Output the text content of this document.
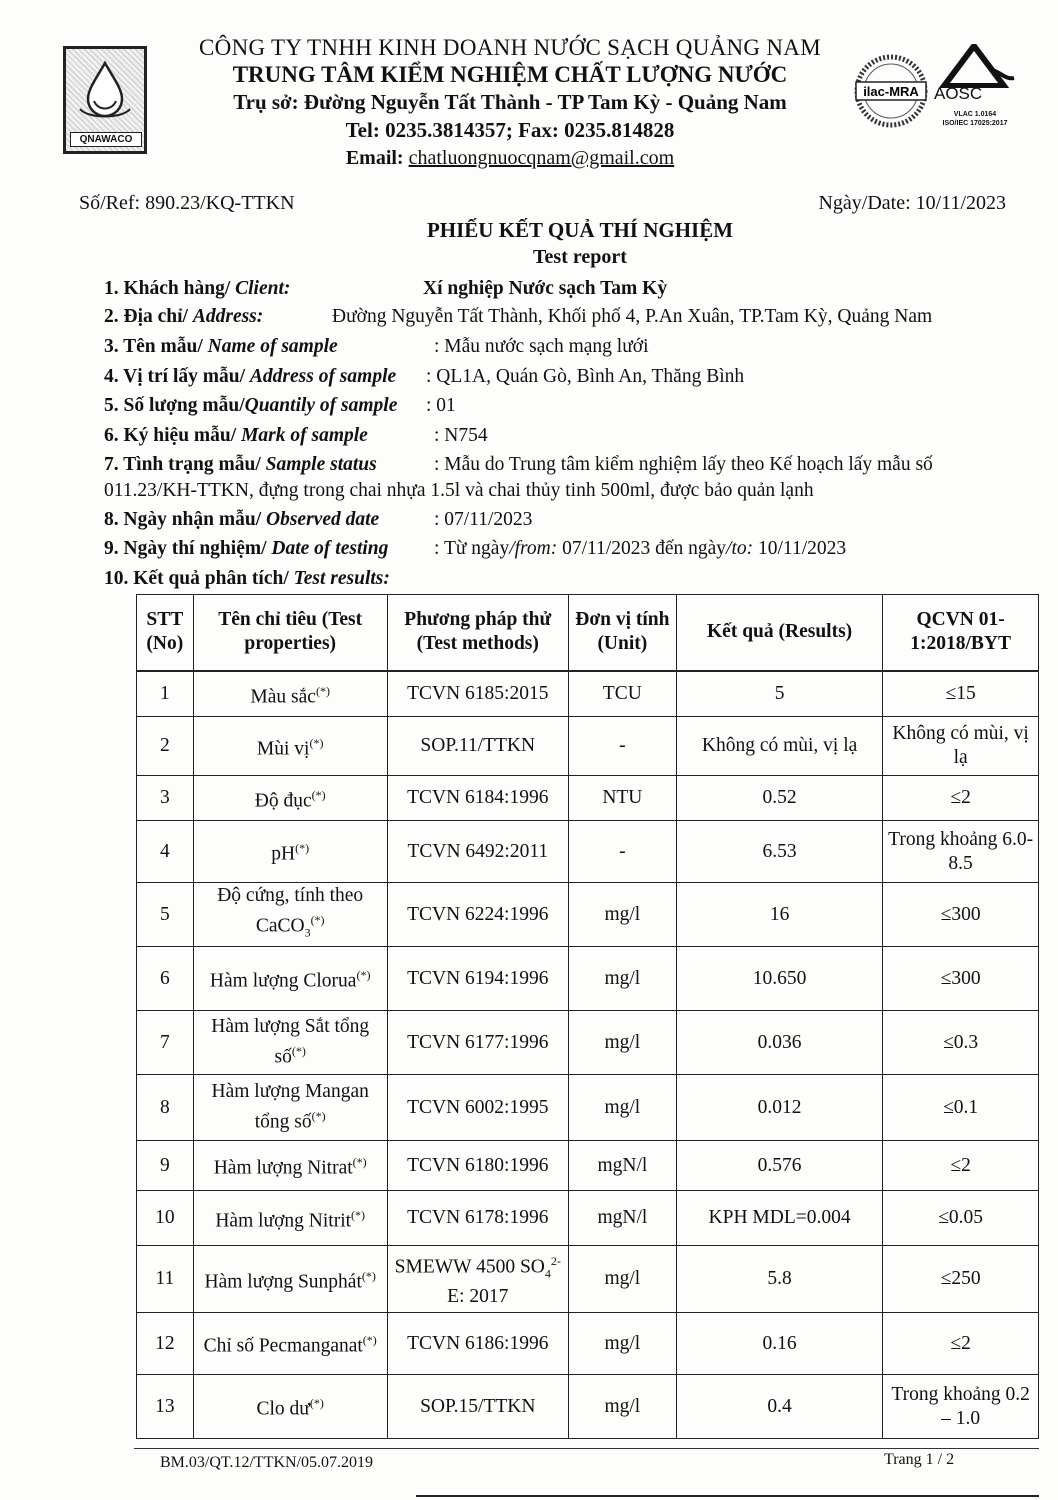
QNAWACO
CÔNG TY TNHH KINH DOANH NƯỚC SẠCH QUẢNG NAM
TRUNG TÂM KIỂM NGHIỆM CHẤT LƯỢNG NƯỚC
Trụ sở: Đường Nguyễn Tất Thành - TP Tam Kỳ - Quảng Nam
Tel: 0235.3814357; Fax: 0235.814828
Email: chatluongnuocqnam@gmail.com
ilac-MRA AOSC
VLAC 1.0164
ISO/IEC 17025:2017
Số/Ref: 890.23/KQ-TTKN	Ngày/Date: 10/11/2023
PHIẾU KẾT QUẢ THÍ NGHIỆM
Test report
1. Khách hàng/ Client:	Xí nghiệp Nước sạch Tam Kỳ
2. Địa chỉ/ Address:	Đường Nguyễn Tất Thành, Khối phố 4, P.An Xuân, TP.Tam Kỳ, Quảng Nam
3. Tên mẫu/ Name of sample	: Mẫu nước sạch mạng lưới
4. Vị trí lấy mẫu/ Address of sample : QL1A, Quán Gò, Bình An, Thăng Bình
5. Số lượng mẫu/Quantily of sample : 01
6. Ký hiệu mẫu/ Mark of sample	: N754
7. Tình trạng mẫu/ Sample status	: Mẫu do Trung tâm kiểm nghiệm lấy theo Kế hoạch lấy mẫu số
011.23/KH-TTKN, đựng trong chai nhựa 1.5l và chai thủy tinh 500ml, được bảo quản lạnh
8. Ngày nhận mẫu/ Observed date	: 07/11/2023
9. Ngày thí nghiệm/ Date of testing : Từ ngày/from: 07/11/2023 đến ngày/to: 10/11/2023
10. Kết quả phân tích/ Test results:
STT (No)	Tên chỉ tiêu (Test properties)	Phương pháp thử (Test methods)	Đơn vị tính (Unit)	Kết quả (Results)	QCVN 01-1:2018/BYT
1	Màu sắc(*)	TCVN 6185:2015	TCU	5	≤15
2	Mùi vị(*)	SOP.11/TTKN	-	Không có mùi, vị lạ	Không có mùi, vị lạ
3	Độ đục(*)	TCVN 6184:1996	NTU	0.52	≤2
4	pH(*)	TCVN 6492:2011	-	6.53	Trong khoảng 6.0-8.5
5	Độ cứng, tính theo CaCO$_3$(*)	TCVN 6224:1996	mg/l	16	≤300
6	Hàm lượng Clorua(*)	TCVN 6194:1996	mg/l	10.650	≤300
7	Hàm lượng Sắt tổng số(*)	TCVN 6177:1996	mg/l	0.036	≤0.3
8	Hàm lượng Mangan tổng số(*)	TCVN 6002:1995	mg/l	0.012	≤0.1
9	Hàm lượng Nitrat(*)	TCVN 6180:1996	mgN/l	0.576	≤2
10	Hàm lượng Nitrit(*)	TCVN 6178:1996	mgN/l	KPH MDL=0.004	≤0.05
11	Hàm lượng Sunphát(*)	SMEWW 4500 $SO_4^{2-}E$: 2017	mg/l	5.8	≤250
12	Chỉ số Pecmanganat(*)	TCVN 6186:1996	mg/l	0.16	≤2
13	Clo dư(*)	SOP.15/TTKN	mg/l	0.4	Trong khoảng 0.2 – 1.0
BM.03/QT.12/TTKN/05.07.2019	Trang 1 / 2
